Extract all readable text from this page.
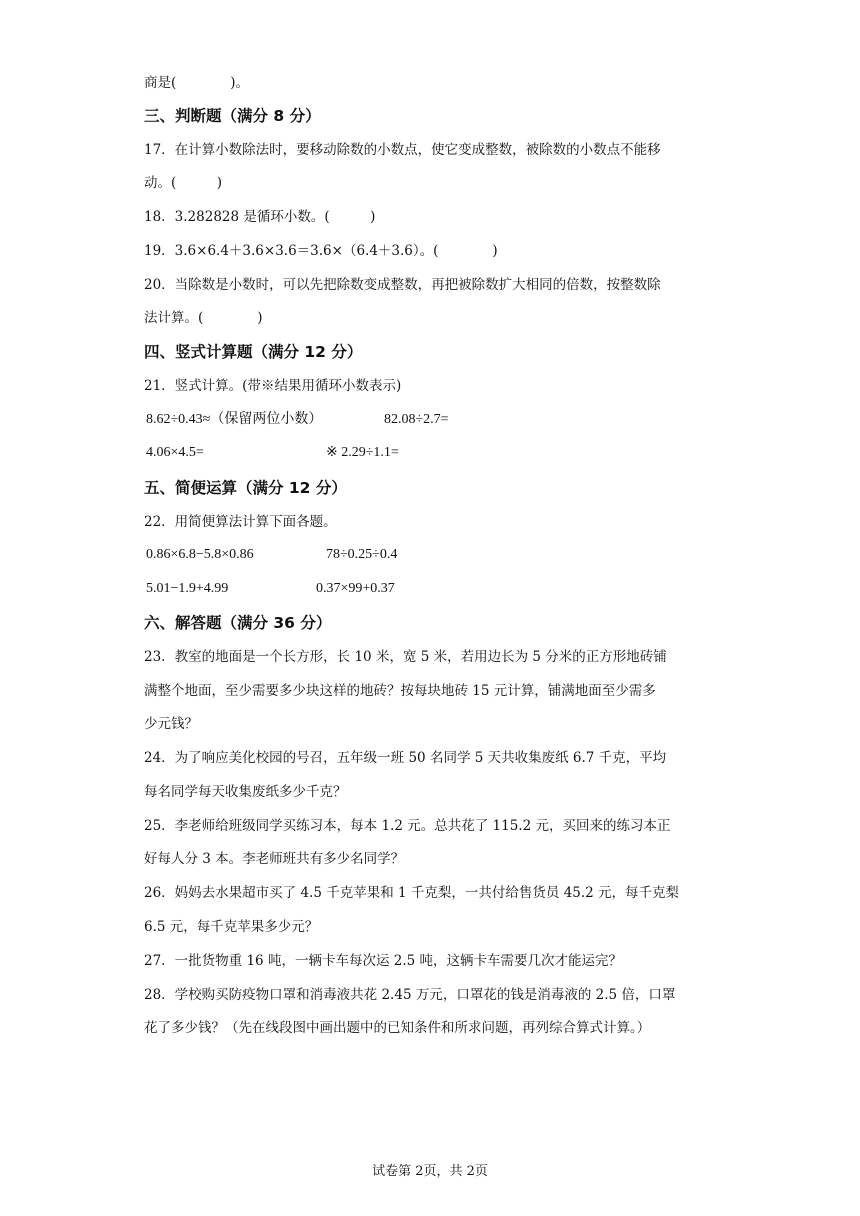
商是(　　　　)。
三、判断题（满分 8 分）
17．在计算小数除法时，要移动除数的小数点，使它变成整数，被除数的小数点不能移
动。(　　　)
18．3.282828 是循环小数。(　　　)
19．3.6×6.4＋3.6×3.6＝3.6×（6.4＋3.6）。(　　　　)
20．当除数是小数时，可以先把除数变成整数，再把被除数扩大相同的倍数，按整数除
法计算。(　　　　)
四、竖式计算题（满分 12 分）
21．竖式计算。(带※结果用循环小数表示)
8.62÷0.43≈（保留两位小数）	82.08÷2.7=
4.06×4.5=	※ 2.29÷1.1=
五、简便运算（满分 12 分）
22．用简便算法计算下面各题。
0.86×6.8−5.8×0.86	78÷0.25÷0.4
5.01−1.9+4.99	0.37×99+0.37
六、解答题（满分 36 分）
23．教室的地面是一个长方形，长 10 米，宽 5 米，若用边长为 5 分米的正方形地砖铺
满整个地面，至少需要多少块这样的地砖？按每块地砖 15 元计算，铺满地面至少需多
少元钱？
24．为了响应美化校园的号召，五年级一班 50 名同学 5 天共收集废纸 6.7 千克，平均
每名同学每天收集废纸多少千克？
25．李老师给班级同学买练习本，每本 1.2 元。总共花了 115.2 元，买回来的练习本正
好每人分 3 本。李老师班共有多少名同学？
26．妈妈去水果超市买了 4.5 千克苹果和 1 千克梨，一共付给售货员 45.2 元，每千克梨
6.5 元，每千克苹果多少元？
27．一批货物重 16 吨，一辆卡车每次运 2.5 吨，这辆卡车需要几次才能运完？
28．学校购买防疫物口罩和消毒液共花 2.45 万元，口罩花的钱是消毒液的 2.5 倍，口罩
花了多少钱？（先在线段图中画出题中的已知条件和所求问题，再列综合算式计算。）
试卷第 2页，共 2页
